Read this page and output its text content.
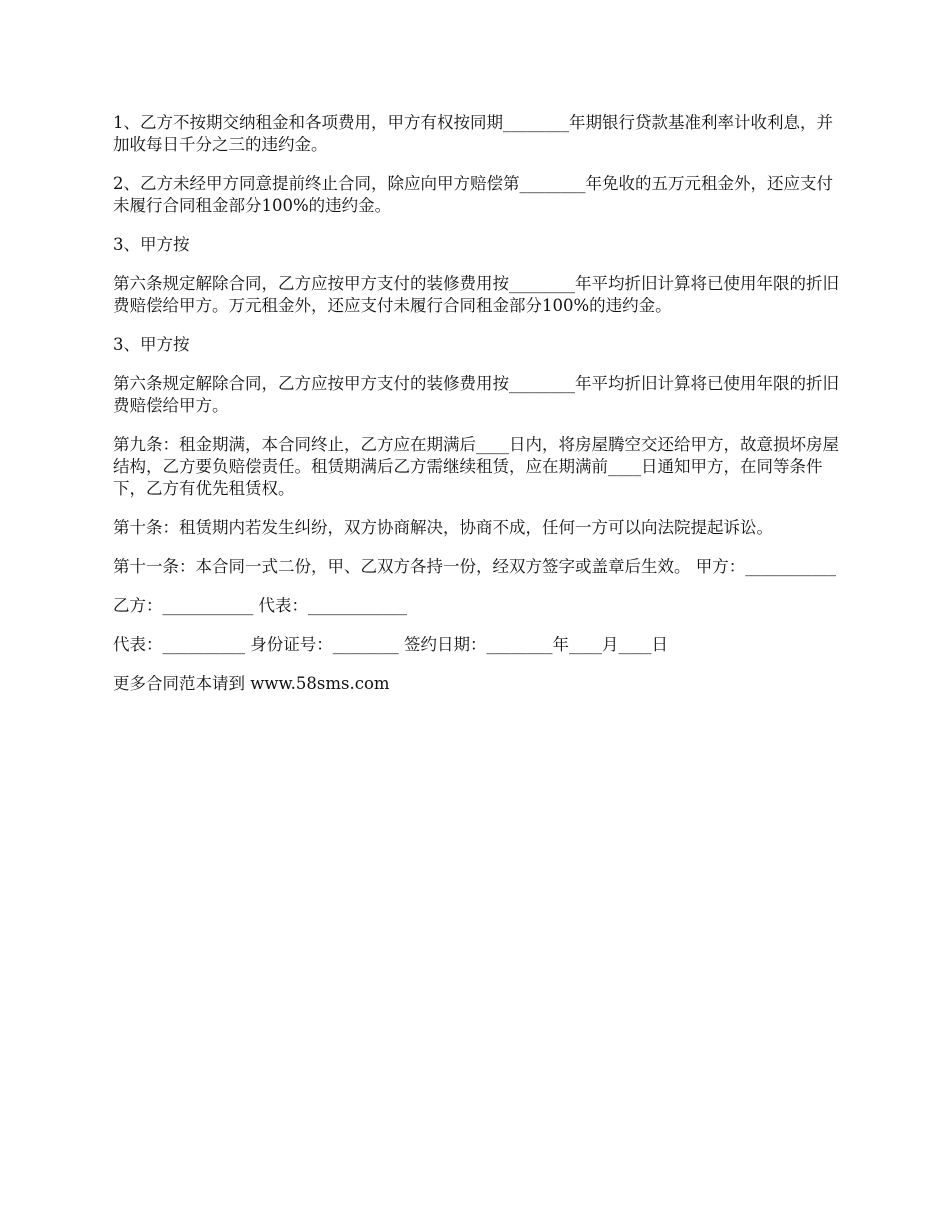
1、乙方不按期交纳租金和各项费用，甲方有权按同期________年期银行贷款基准利率计收利息，并加收每日千分之三的违约金。

2、乙方未经甲方同意提前终止合同，除应向甲方赔偿第________年免收的五万元租金外，还应支付未履行合同租金部分100%的违约金。

3、甲方按

第六条规定解除合同，乙方应按甲方支付的装修费用按________年平均折旧计算将已使用年限的折旧费赔偿给甲方。万元租金外，还应支付未履行合同租金部分100%的违约金。

3、甲方按

第六条规定解除合同，乙方应按甲方支付的装修费用按________年平均折旧计算将已使用年限的折旧费赔偿给甲方。

第九条：租金期满，本合同终止，乙方应在期满后____日内，将房屋腾空交还给甲方，故意损坏房屋结构，乙方要负赔偿责任。租赁期满后乙方需继续租赁，应在期满前____日通知甲方，在同等条件下，乙方有优先租赁权。

第十条：租赁期内若发生纠纷，双方协商解决，协商不成，任何一方可以向法院提起诉讼。

第十一条：本合同一式二份，甲、乙双方各持一份，经双方签字或盖章后生效。 甲方：___________

乙方：___________ 代表：____________

代表：__________ 身份证号：________ 签约日期：________年____月____日

更多合同范本请到 www.58sms.com
